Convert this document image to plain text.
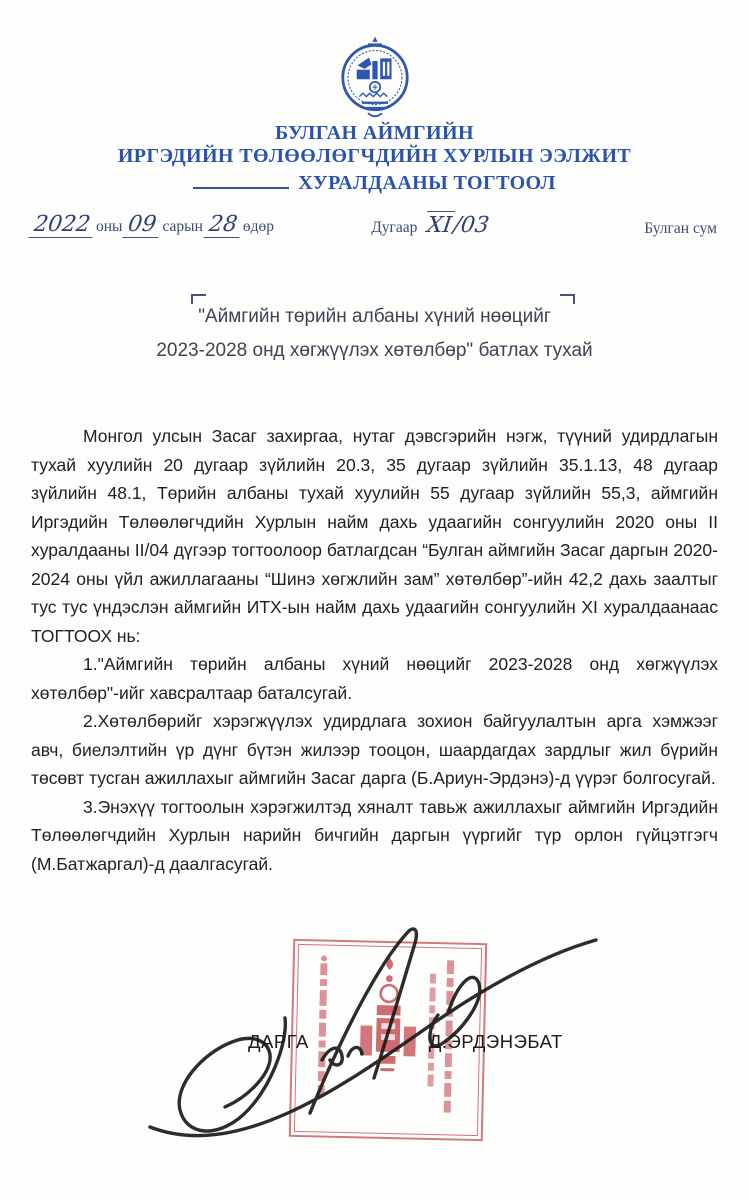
БУЛГАН АЙМГИЙН
ИРГЭДИЙН ТӨЛӨӨЛӨГЧДИЙН ХУРЛЫН ЭЭЛЖИТ
ХУРАЛДААНЫ ТОГТООЛ
2022 оны 09 сарын 28 өдөр	Дугаар XI/03	Булган сум
"Аймгийн төрийн албаны хүний нөөцийг
2023-2028 онд хөгжүүлэх хөтөлбөр" батлах тухай

Монгол улсын Засаг захиргаа, нутаг дэвсгэрийн нэгж, түүний удирдлагын тухай хуулийн 20 дугаар зүйлийн 20.3, 35 дугаар зүйлийн 35.1.13, 48 дугаар зүйлийн 48.1, Төрийн албаны тухай хуулийн 55 дугаар зүйлийн 55,3, аймгийн Иргэдийн Төлөөлөгчдийн Хурлын найм дахь удаагийн сонгуулийн 2020 оны II хуралдааны II/04 дүгээр тогтоолоор батлагдсан “Булган аймгийн Засаг даргын 2020-2024 оны үйл ажиллагааны “Шинэ хөгжлийн зам” хөтөлбөр”-ийн 42,2 дахь заалтыг тус тус үндэслэн аймгийн ИТХ-ын найм дахь удаагийн сонгуулийн XI хуралдаанаас ТОГТООХ нь:

1."Аймгийн төрийн албаны хүний нөөцийг 2023-2028 онд хөгжүүлэх хөтөлбөр"-ийг хавсралтаар баталсугай.

2.Хөтөлбөрийг хэрэгжүүлэх удирдлага зохион байгуулалтын арга хэмжээг авч, биелэлтийн үр дүнг бүтэн жилээр тооцон, шаардагдах зардлыг жил бүрийн төсөвт тусган ажиллахыг аймгийн Засаг дарга (Б.Ариун-Эрдэнэ)-д үүрэг болгосугай.

3.Энэхүү тогтоолын хэрэгжилтэд хяналт тавьж ажиллахыг аймгийн Иргэдийн Төлөөлөгчдийн Хурлын нарийн бичгийн даргын үүргийг түр орлон гүйцэтгэгч (М.Батжаргал)-д даалгасугай.

ДАРГА	Д.ЭРДЭНЭБАТ
